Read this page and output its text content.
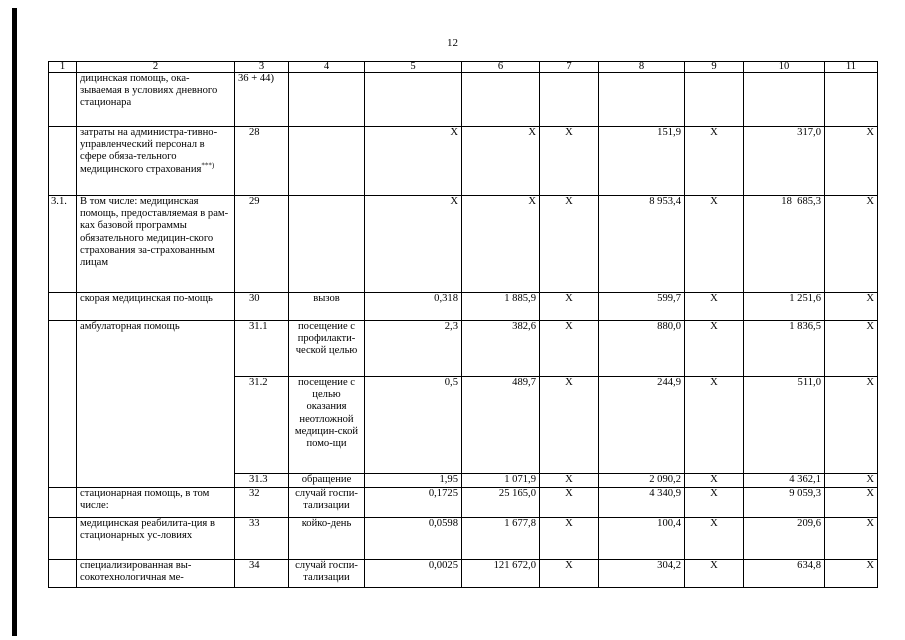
12
1	2	3	4	5	6	7	8	9	10	11
	дицинская помощь, ока-зываемая в условиях дневного стационара	36 + 44)								
	затраты на администра-тивно-управленческий персонал в сфере обяза-тельного медицинского страхования***)	28		Х	Х	Х	151,9	Х	317,0	Х
3.1.	В том числе: медицинская помощь, предоставляемая в рам-ках базовой программы обязательного медицин-ского страхования за-страхованным лицам	29		Х	Х	Х	8 953,4	Х	18  685,3	Х
	скорая медицинская по-мощь	30	вызов	0,318	1 885,9	Х	599,7	Х	1 251,6	Х
	амбулаторная помощь	31.1	посещение с профилакти-ческой целью	2,3	382,6	Х	880,0	Х	1 836,5	Х
		31.2	посещение с целью оказания неотложной медицин-ской помо-щи	0,5	489,7	Х	244,9	Х	511,0	Х
		31.3	обращение	1,95	1 071,9	Х	2 090,2	Х	4 362,1	Х
	стационарная помощь, в том числе:	32	случай госпи-тализации	0,1725	25 165,0	Х	4 340,9	Х	9 059,3	Х
	медицинская реабилита-ция в стационарных ус-ловиях	33	койко-день	0,0598	1 677,8	Х	100,4	Х	209,6	Х
	специализированная вы-сокотехнологичная ме-	34	случай госпи-тализации	0,0025	121 672,0	Х	304,2	Х	634,8	Х
